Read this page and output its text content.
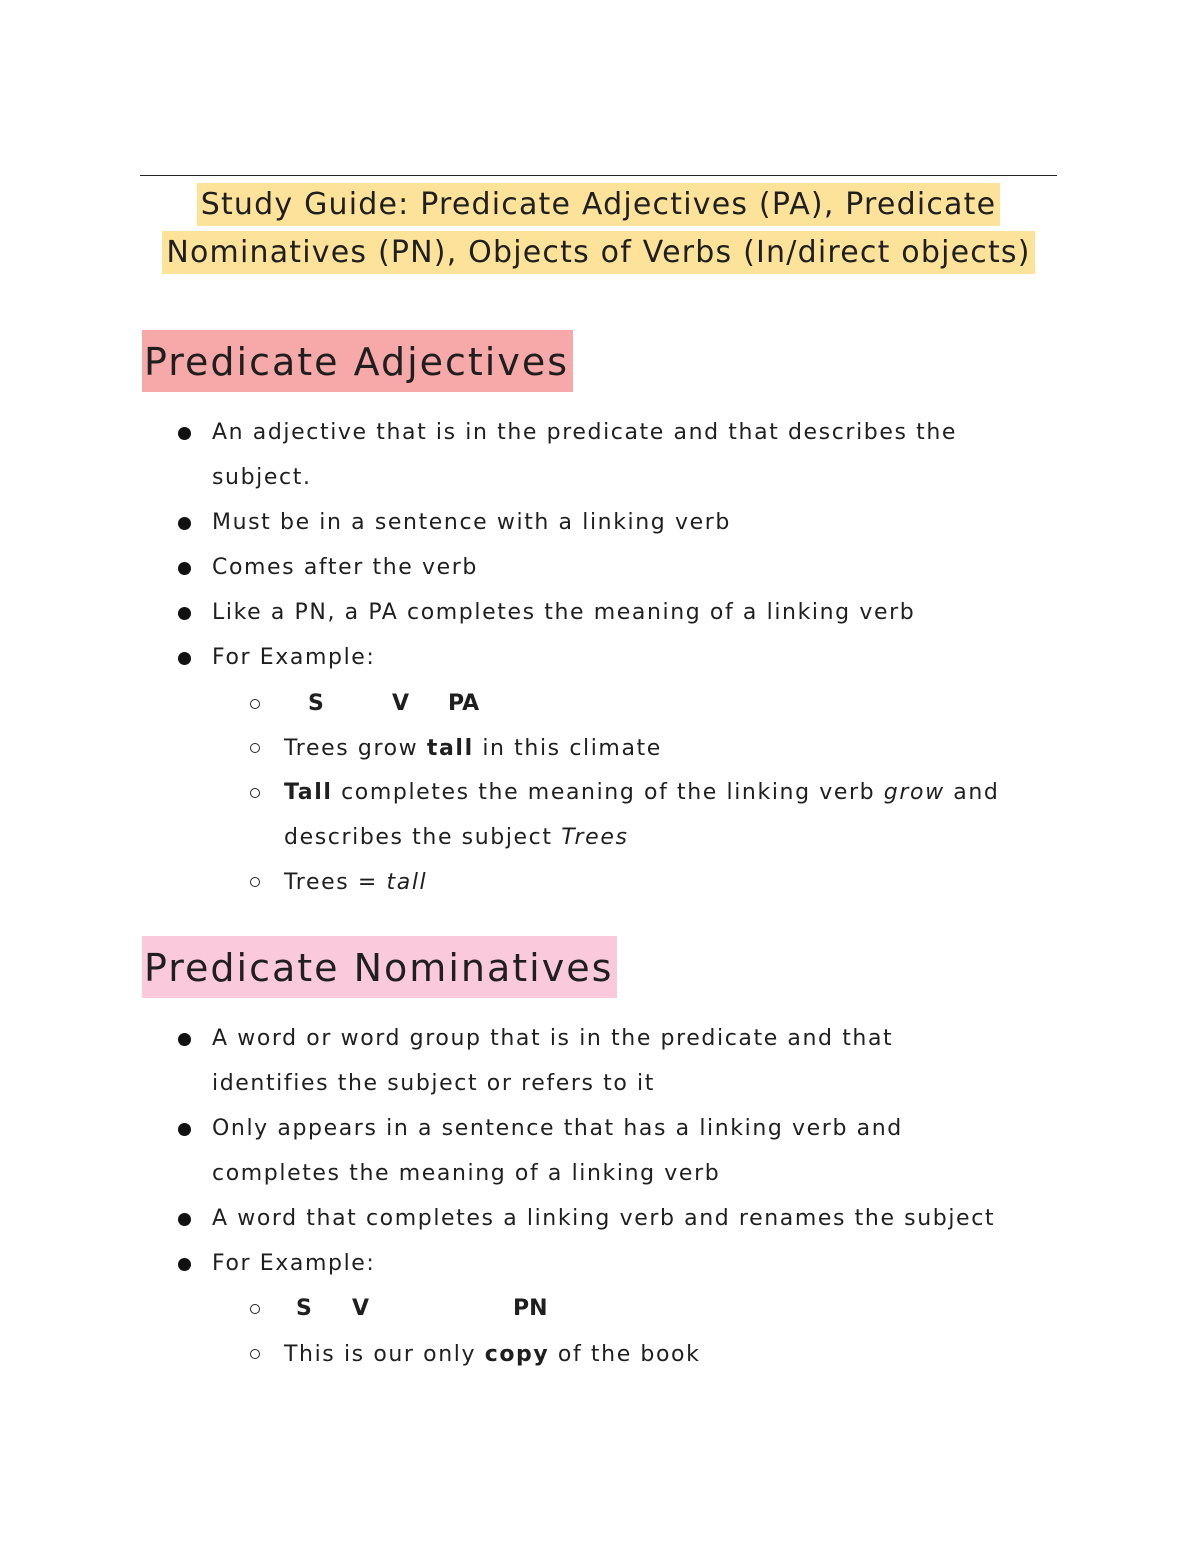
Study Guide: Predicate Adjectives (PA), Predicate
Nominatives (PN), Objects of Verbs (In/direct objects)
Predicate Adjectives
An adjective that is in the predicate and that describes the
subject.
Must be in a sentence with a linking verb
Comes after the verb
Like a PN, a PA completes the meaning of a linking verb
For Example:
S	V PA
Trees grow tall in this climate
Tall completes the meaning of the linking verb grow and
describes the subject Trees
Trees = tall
Predicate Nominatives
A word or word group that is in the predicate and that
identifies the subject or refers to it
Only appears in a sentence that has a linking verb and
completes the meaning of a linking verb
A word that completes a linking verb and renames the subject
For Example:
S V	PN
This is our only copy of the book
